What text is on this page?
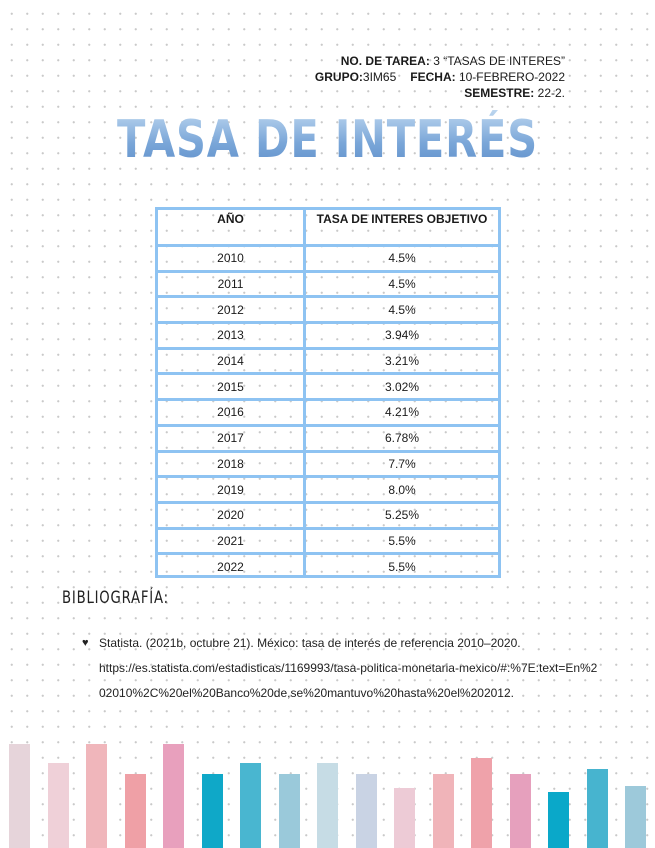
NO. DE TAREA: 3 “TASAS DE INTERES”
GRUPO:3IM65 FECHA: 10-FEBRERO-2022
SEMESTRE: 22-2.
TASA DE INTERÉS
AÑO	TASA DE INTERES OBJETIVO
2010	4.5%
2011	4.5%
2012	4.5%
2013	3.94%
2014	3.21%
2015	3.02%
2016	4.21%
2017	6.78%
2018	7.7%
2019	8.0%
2020	5.25%
2021	5.5%
2022	5.5%
BIBLIOGRAFÍA:
♥ Statista. (2021b, octubre 21). México: tasa de interés de referencia 2010–2020.
https://es.statista.com/estadisticas/1169993/tasa-politica-monetaria-mexico/#:%7E:text=En%202010%2C%20el%20Banco%20de,se%20mantuvo%20hasta%20el%202012.
